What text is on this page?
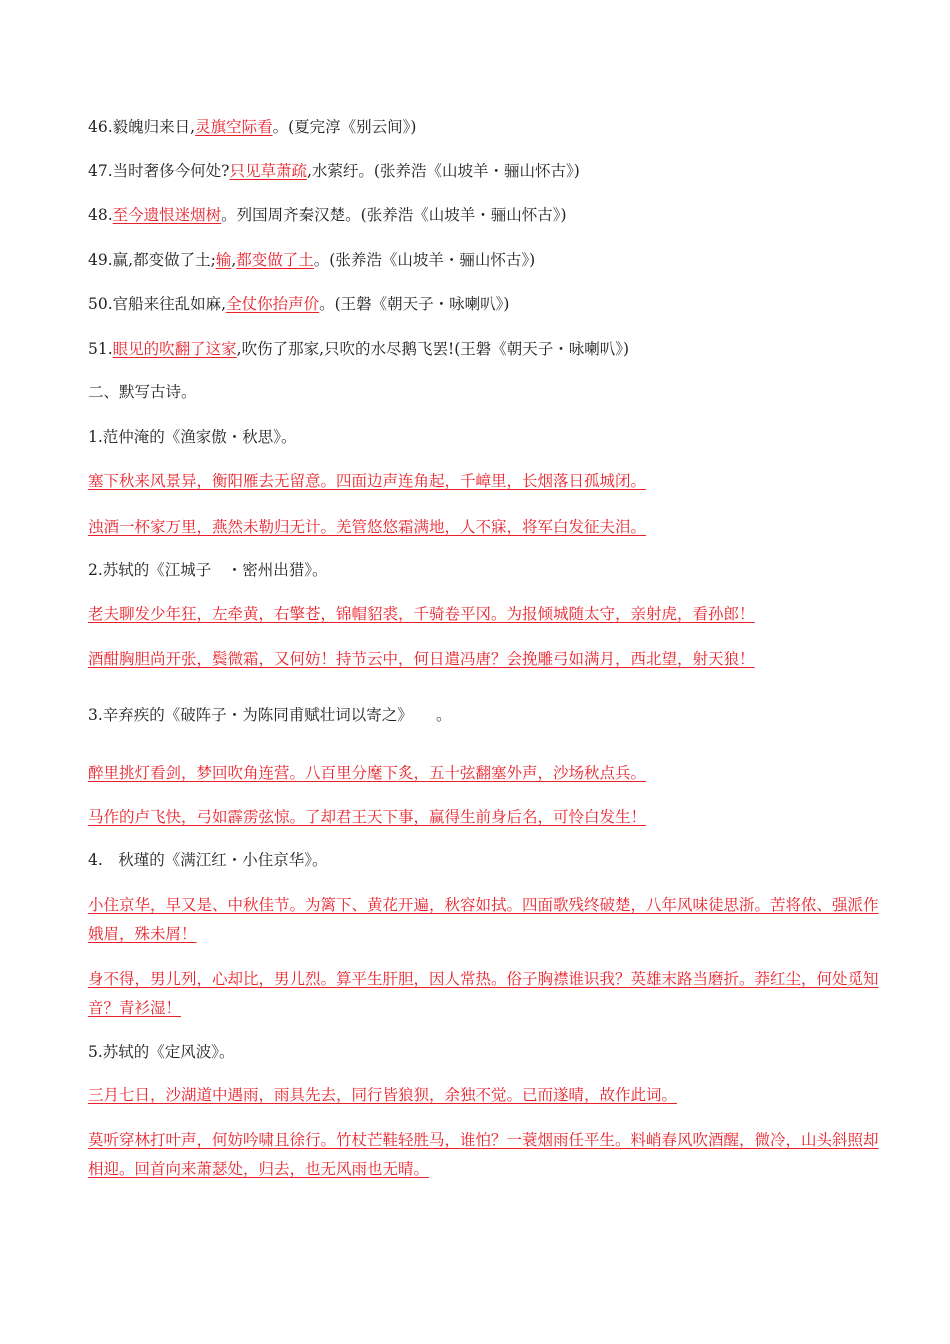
46.毅魄归来日,灵旗空际看。(夏完淳《别云间》)
47.当时奢侈今何处?只见草萧疏,水萦纡。(张养浩《山坡羊・骊山怀古》)
48.至今遗恨迷烟树。列国周齐秦汉楚。(张养浩《山坡羊・骊山怀古》)
49.赢,都变做了土;输,都变做了土。(张养浩《山坡羊・骊山怀古》)
50.官船来往乱如麻,全仗你抬声价。(王磐《朝天子・咏喇叭》)
51.眼见的吹翻了这家,吹伤了那家,只吹的水尽鹅飞罢!(王磐《朝天子・咏喇叭》)
二、默写古诗。
1.范仲淹的《渔家傲・秋思》。
塞下秋来风景异，衡阳雁去无留意。四面边声连角起，千嶂里，长烟落日孤城闭。
浊酒一杯家万里，燕然未勒归无计。羌管悠悠霜满地，人不寐，将军白发征夫泪。
2.苏轼的《江城子　・密州出猎》。
老夫聊发少年狂，左牵黄，右擎苍，锦帽貂裘，千骑卷平冈。为报倾城随太守，亲射虎，看孙郎！
酒酣胸胆尚开张，鬓微霜，又何妨！持节云中，何日遣冯唐？会挽雕弓如满月，西北望，射天狼！
3.辛弃疾的《破阵子・为陈同甫赋壮词以寄之》　　。
醉里挑灯看剑，梦回吹角连营。八百里分麾下炙，五十弦翻塞外声，沙场秋点兵。
马作的卢飞快，弓如霹雳弦惊。了却君王天下事，赢得生前身后名，可怜白发生！
4.　秋瑾的《满江红・小住京华》。
小住京华，早又是、中秋佳节。为篱下、黄花开遍，秋容如拭。四面歌残终破楚，八年风味徒思浙。苦将侬、强派作娥眉，殊未屑！
身不得，男儿列，心却比，男儿烈。算平生肝胆，因人常热。俗子胸襟谁识我？英雄末路当磨折。莽红尘，何处觅知音？青衫湿！
5.苏轼的《定风波》。
三月七日，沙湖道中遇雨，雨具先去，同行皆狼狈，余独不觉。已而遂晴，故作此词。
莫听穿林打叶声，何妨吟啸且徐行。竹杖芒鞋轻胜马，谁怕？一蓑烟雨任平生。料峭春风吹酒醒，微冷，山头斜照却相迎。回首向来萧瑟处，归去，也无风雨也无晴。
